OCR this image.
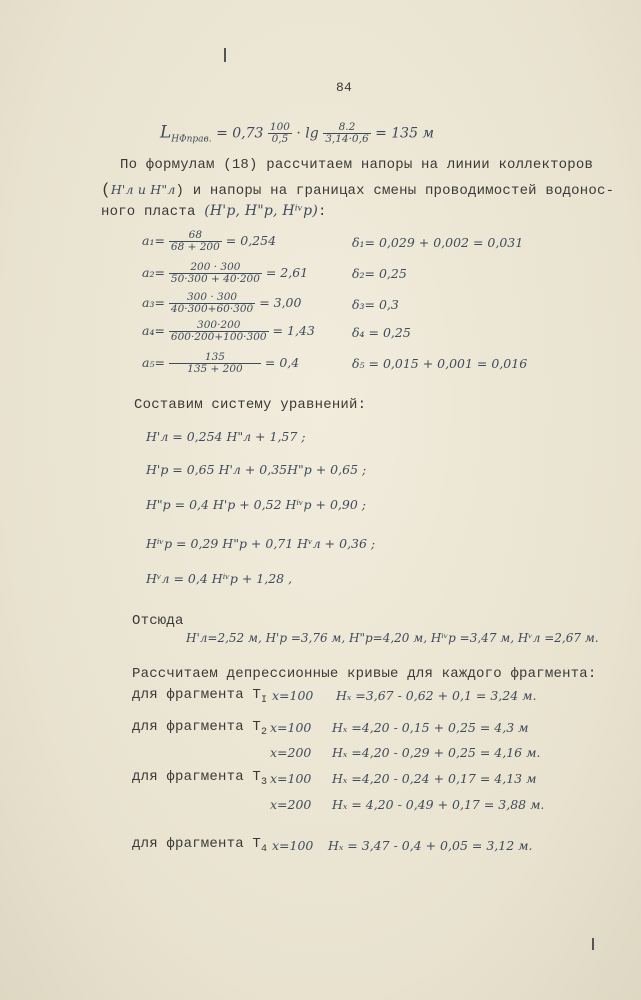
84
$L_{НФправ.} = 0,73 \frac{100}{0,5} \cdot \lg \frac{8.2}{3,14\cdot 0,6} = 135$ м
По формулам (18) рассчитаем напоры на линии коллекторов
(H'л и H"л) и напоры на границах смены проводимостей водонос-
ного пласта (H'р, H"р, Hⁱᵛр):
$a_1= \frac{68}{68 + 200} = 0,254$
$a_2= \frac{200 \cdot 300}{50\cdot 300 + 40\cdot 200} = 2,61$
$a_3= \frac{300 \cdot 300}{40\cdot 300+60\cdot 300} = 3,00$
$a_4= \frac{300\cdot 200}{600\cdot 200+100\cdot 300} = 1,43$
$a_5= \frac{135}{135 + 200} = 0,4$
δ₁= 0,029 + 0,002 = 0,031
δ₂= 0,25
δ₃= 0,3
δ₄ = 0,25
δ₅ = 0,015 + 0,001 = 0,016
Составим систему уравнений:
H'л = 0,254 H"л + 1,57 ;
H'р = 0,65 H'л + 0,35H"р + 0,65 ;
H"р = 0,4 H'р + 0,52 Hⁱᵛр + 0,90 ;
Hⁱᵛр = 0,29 H"р + 0,71 Hᵛл + 0,36 ;
Hᵛл = 0,4 Hⁱᵛр + 1,28 ,
Отсюда
H'л=2,52 м, H'р =3,76 м, H"р=4,20 м, Hⁱᵛр =3,47 м, Hᵛл =2,67 м.
Рассчитаем депрессионные кривые для каждого фрагмента:
для фрагмента $T_I$ x=100 Hₓ =3,67 - 0,62 + 0,1 = 3,24 м.
для фрагмента $T_2$ x=100 Hₓ =4,20 - 0,15 + 0,25 = 4,3 м
x=200 Hₓ =4,20 - 0,29 + 0,25 = 4,16 м.
для фрагмента $T_3$ x=100 Hₓ =4,20 - 0,24 + 0,17 = 4,13 м
x=200 Hₓ = 4,20 - 0,49 + 0,17 = 3,88 м.
для фрагмента $T_4$ x=100 Hₓ = 3,47 - 0,4 + 0,05 = 3,12 м.
